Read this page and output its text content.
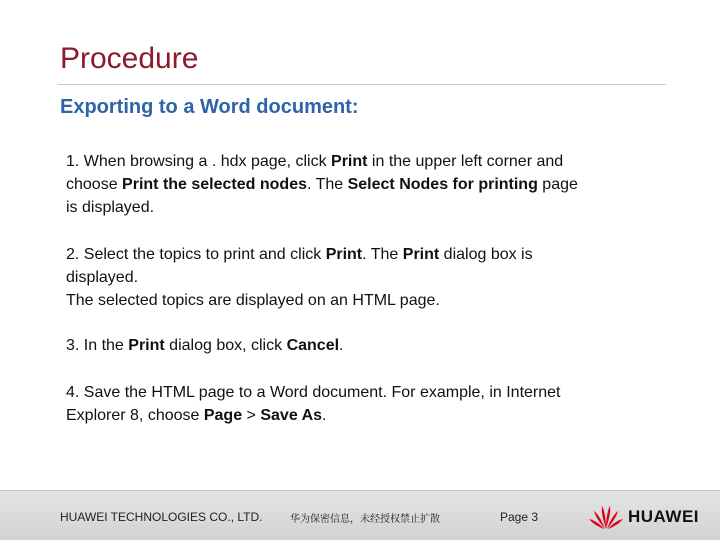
Procedure
Exporting to a Word document:
1. When browsing a . hdx page, click Print in the upper left corner and
choose Print the selected nodes. The Select Nodes for printing page
is displayed.
2. Select the topics to print and click Print. The Print dialog box is
displayed.
The selected topics are displayed on an HTML page.
3. In the Print dialog box, click Cancel.
4. Save the HTML page to a Word document. For example, in Internet
Explorer 8, choose Page > Save As.
HUAWEI TECHNOLOGIES CO., LTD.	华为保密信息，未经授权禁止扩散	Page 3	HUAWEI
